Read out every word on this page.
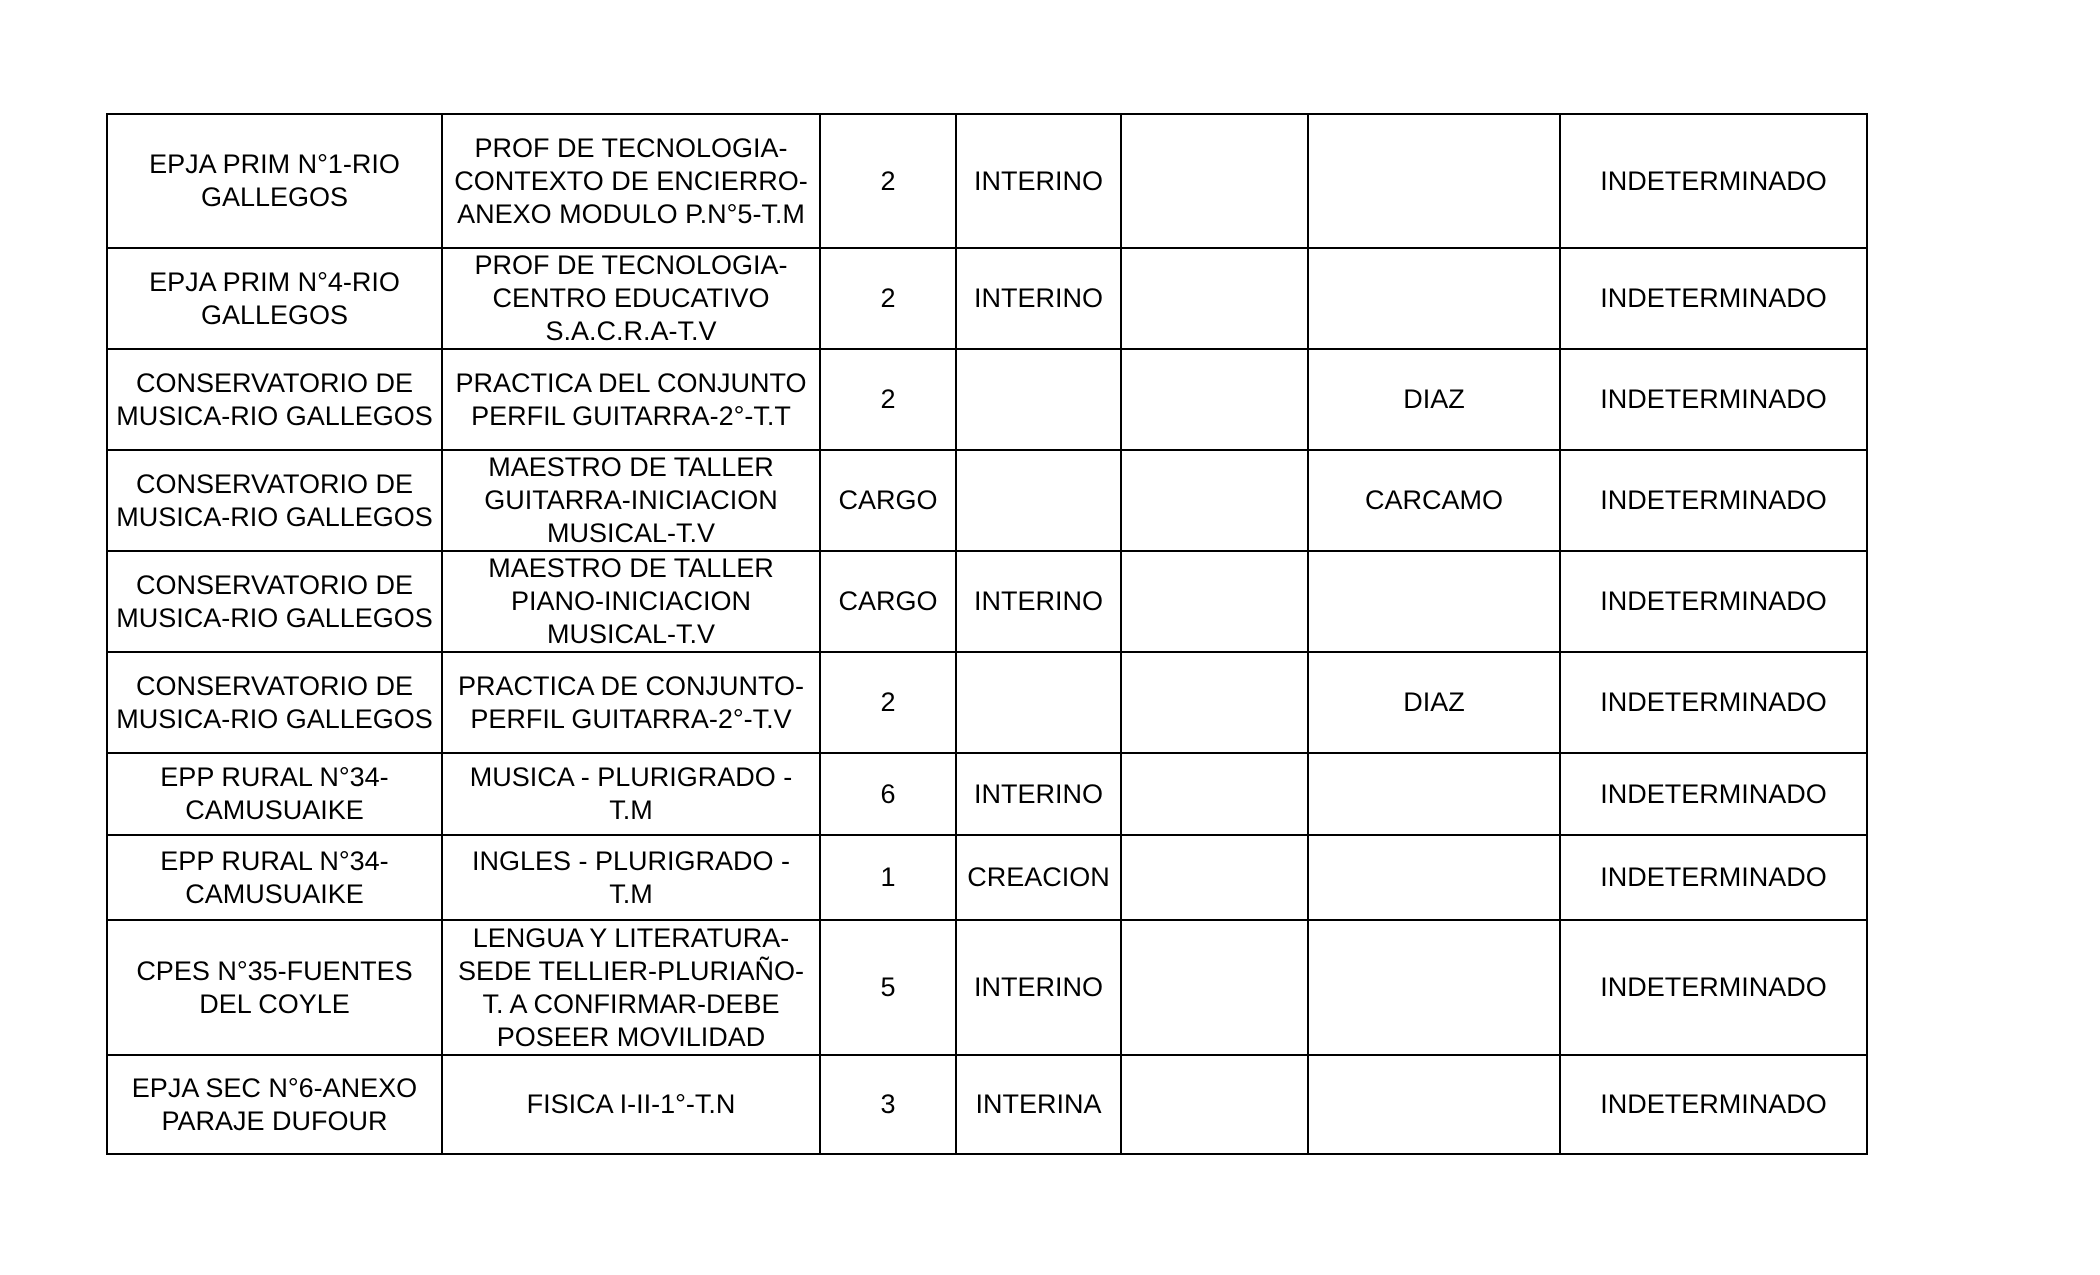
EPJA PRIM N°1-RIO
GALLEGOS	PROF DE TECNOLOGIA-
CONTEXTO DE ENCIERRO-
ANEXO MODULO P.N°5-T.M	2	INTERINO			INDETERMINADO
EPJA PRIM N°4-RIO
GALLEGOS	PROF DE TECNOLOGIA-
CENTRO EDUCATIVO
S.A.C.R.A-T.V	2	INTERINO			INDETERMINADO
CONSERVATORIO DE
MUSICA-RIO GALLEGOS	PRACTICA DEL CONJUNTO
PERFIL GUITARRA-2°-T.T	2			DIAZ	INDETERMINADO
CONSERVATORIO DE
MUSICA-RIO GALLEGOS	MAESTRO DE TALLER
GUITARRA-INICIACION
MUSICAL-T.V	CARGO			CARCAMO	INDETERMINADO
CONSERVATORIO DE
MUSICA-RIO GALLEGOS	MAESTRO DE TALLER
PIANO-INICIACION
MUSICAL-T.V	CARGO	INTERINO			INDETERMINADO
CONSERVATORIO DE
MUSICA-RIO GALLEGOS	PRACTICA DE CONJUNTO-
PERFIL GUITARRA-2°-T.V	2			DIAZ	INDETERMINADO
EPP RURAL N°34-
CAMUSUAIKE	MUSICA - PLURIGRADO -
T.M	6	INTERINO			INDETERMINADO
EPP RURAL N°34-
CAMUSUAIKE	INGLES - PLURIGRADO -
T.M	1	CREACION			INDETERMINADO
CPES N°35-FUENTES
DEL COYLE	LENGUA Y LITERATURA-
SEDE TELLIER-PLURIAÑO-
T. A CONFIRMAR-DEBE
POSEER MOVILIDAD	5	INTERINO			INDETERMINADO
EPJA SEC N°6-ANEXO
PARAJE DUFOUR	FISICA I-II-1°-T.N	3	INTERINA			INDETERMINADO
